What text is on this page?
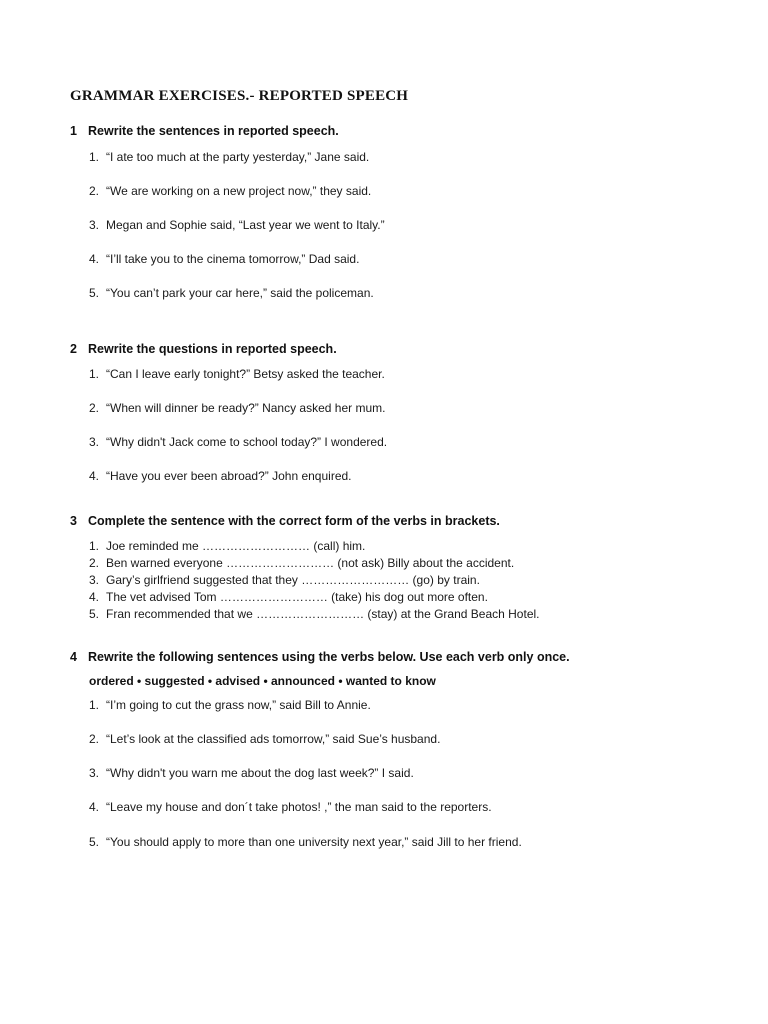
GRAMMAR EXERCISES.- REPORTED SPEECH
1 Rewrite the sentences in reported speech.
1. “I ate too much at the party yesterday,” Jane said.
2. “We are working on a new project now,” they said.
3. Megan and Sophie said, “Last year we went to Italy.”
4. “I’ll take you to the cinema tomorrow,” Dad said.
5. “You can’t park your car here,” said the policeman.
2 Rewrite the questions in reported speech.
1. “Can I leave early tonight?” Betsy asked the teacher.
2. “When will dinner be ready?” Nancy asked her mum.
3. “Why didn't Jack come to school today?” I wondered.
4. “Have you ever been abroad?” John enquired.
3 Complete the sentence with the correct form of the verbs in brackets.
1. Joe reminded me ……………………… (call) him.
2. Ben warned everyone ……………………… (not ask) Billy about the accident.
3. Gary’s girlfriend suggested that they ……………………… (go) by train.
4. The vet advised Tom ……………………… (take) his dog out more often.
5. Fran recommended that we ……………………… (stay) at the Grand Beach Hotel.
4 Rewrite the following sentences using the verbs below. Use each verb only once.
ordered • suggested • advised • announced • wanted to know
1. “I’m going to cut the grass now,” said Bill to Annie.
2. “Let’s look at the classified ads tomorrow,” said Sue’s husband.
3. “Why didn't you warn me about the dog last week?” I said.
4. “Leave my house and don´t take photos! ,” the man said to the reporters.
5. “You should apply to more than one university next year,” said Jill to her friend.
